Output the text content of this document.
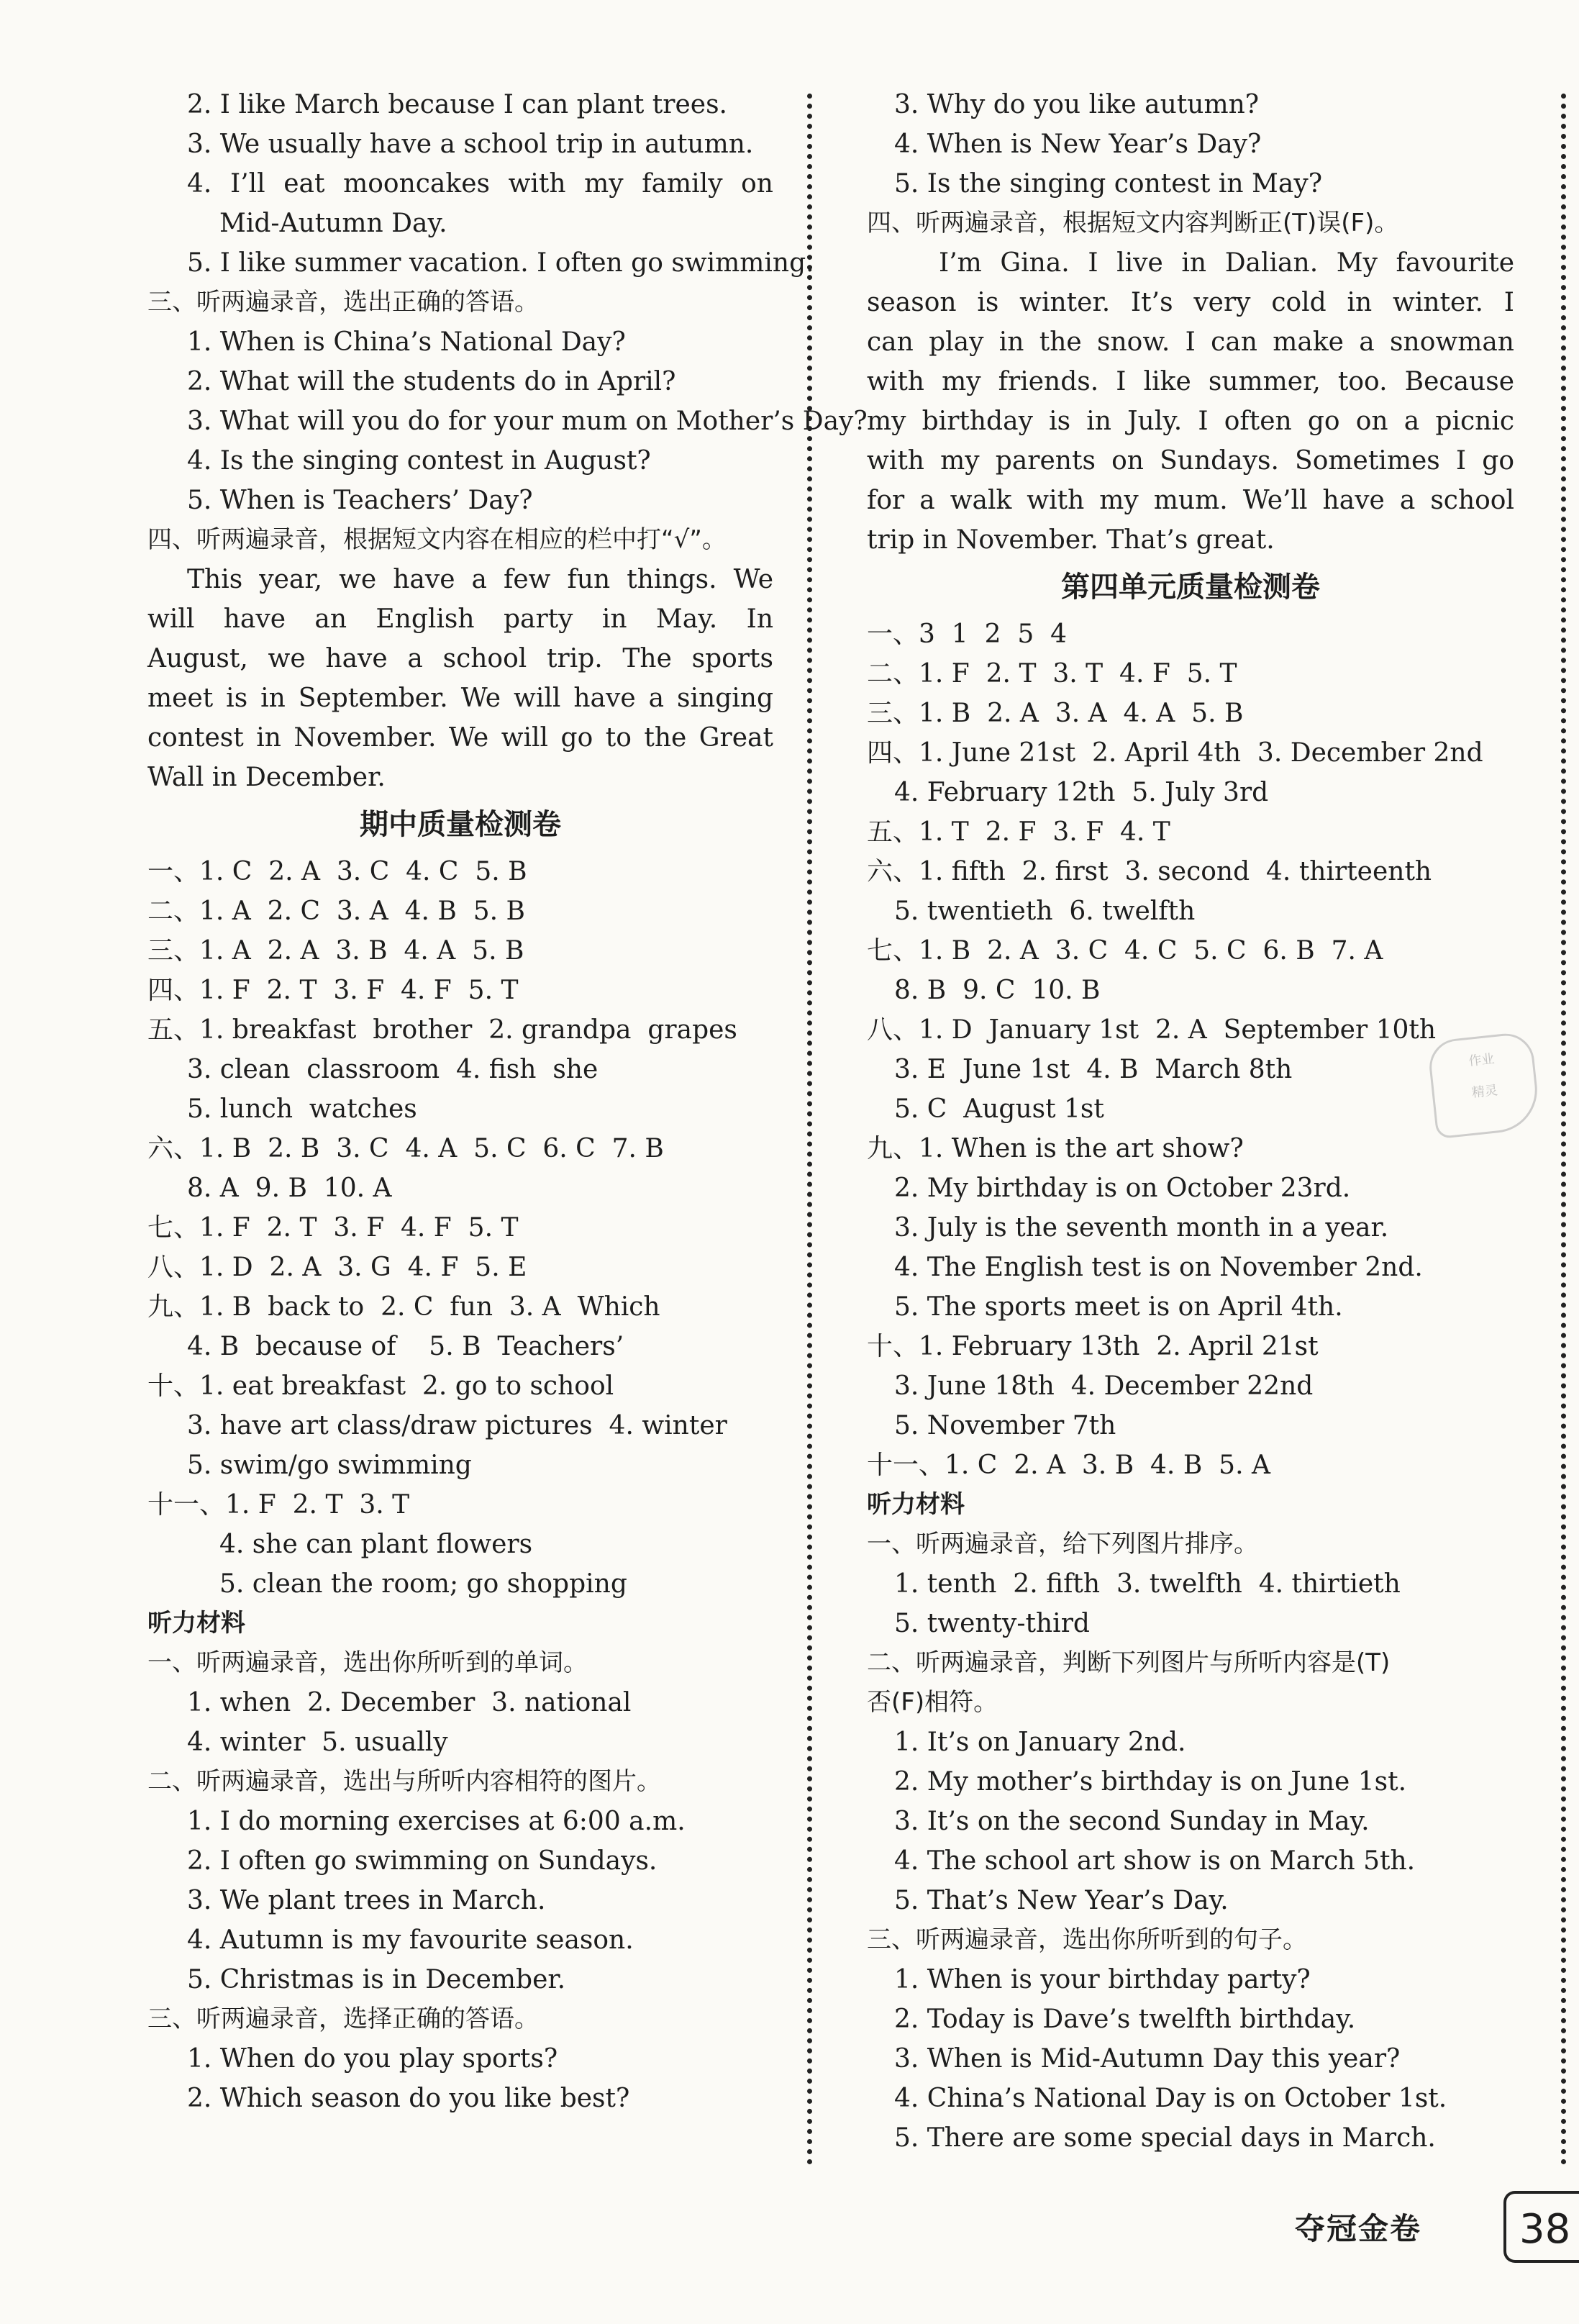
2. I like March because I can plant trees.
3. We usually have a school trip in autumn.
4. I’ll eat mooncakes with my family on
Mid-Autumn Day.
5. I like summer vacation. I often go swimming.
三、听两遍录音，选出正确的答语。
1. When is China’s National Day?
2. What will the students do in April?
3. What will you do for your mum on Mother’s Day?
4. Is the singing contest in August?
5. When is Teachers’ Day?
四、听两遍录音，根据短文内容在相应的栏中打“√”。
This year, we have a few fun things. We
will have an English party in May. In
August, we have a school trip. The sports
meet is in September. We will have a singing
contest in November. We will go to the Great
Wall in December.
期中质量检测卷
一、1. C  2. A  3. C  4. C  5. B
二、1. A  2. C  3. A  4. B  5. B
三、1. A  2. A  3. B  4. A  5. B
四、1. F  2. T  3. F  4. F  5. T
五、1. breakfast  brother  2. grandpa  grapes
3. clean  classroom  4. fish  she
5. lunch  watches
六、1. B  2. B  3. C  4. A  5. C  6. C  7. B
8. A  9. B  10. A
七、1. F  2. T  3. F  4. F  5. T
八、1. D  2. A  3. G  4. F  5. E
九、1. B  back to  2. C  fun  3. A  Which
4. B  because of    5. B  Teachers’
十、1. eat breakfast  2. go to school
3. have art class/draw pictures  4. winter
5. swim/go swimming
十一、1. F  2. T  3. T
4. she can plant flowers
5. clean the room; go shopping
听力材料
一、听两遍录音，选出你所听到的单词。
1. when  2. December  3. national
4. winter  5. usually
二、听两遍录音，选出与所听内容相符的图片。
1. I do morning exercises at 6:00 a.m.
2. I often go swimming on Sundays.
3. We plant trees in March.
4. Autumn is my favourite season.
5. Christmas is in December.
三、听两遍录音，选择正确的答语。
1. When do you play sports?
2. Which season do you like best?
3. Why do you like autumn?
4. When is New Year’s Day?
5. Is the singing contest in May?
四、听两遍录音，根据短文内容判断正(T)误(F)。
I’m Gina. I live in Dalian. My favourite
season is winter. It’s very cold in winter. I
can play in the snow. I can make a snowman
with my friends. I like summer, too. Because
my birthday is in July. I often go on a picnic
with my parents on Sundays. Sometimes I go
for a walk with my mum. We’ll have a school
trip in November. That’s great.
第四单元质量检测卷
一、3  1  2  5  4
二、1. F  2. T  3. T  4. F  5. T
三、1. B  2. A  3. A  4. A  5. B
四、1. June 21st  2. April 4th  3. December 2nd
4. February 12th  5. July 3rd
五、1. T  2. F  3. F  4. T
六、1. fifth  2. first  3. second  4. thirteenth
5. twentieth  6. twelfth
七、1. B  2. A  3. C  4. C  5. C  6. B  7. A
8. B  9. C  10. B
八、1. D  January 1st  2. A  September 10th
3. E  June 1st  4. B  March 8th
5. C  August 1st
九、1. When is the art show?
2. My birthday is on October 23rd.
3. July is the seventh month in a year.
4. The English test is on November 2nd.
5. The sports meet is on April 4th.
十、1. February 13th  2. April 21st
3. June 18th  4. December 22nd
5. November 7th
十一、1. C  2. A  3. B  4. B  5. A
听力材料
一、听两遍录音，给下列图片排序。
1. tenth  2. fifth  3. twelfth  4. thirtieth
5. twenty-third
二、听两遍录音，判断下列图片与所听内容是(T)
否(F)相符。
1. It’s on January 2nd.
2. My mother’s birthday is on June 1st.
3. It’s on the second Sunday in May.
4. The school art show is on March 5th.
5. That’s New Year’s Day.
三、听两遍录音，选出你所听到的句子。
1. When is your birthday party?
2. Today is Dave’s twelfth birthday.
3. When is Mid-Autumn Day this year?
4. China’s National Day is on October 1st.
5. There are some special days in March.
作业
精灵
夺冠金卷	38
